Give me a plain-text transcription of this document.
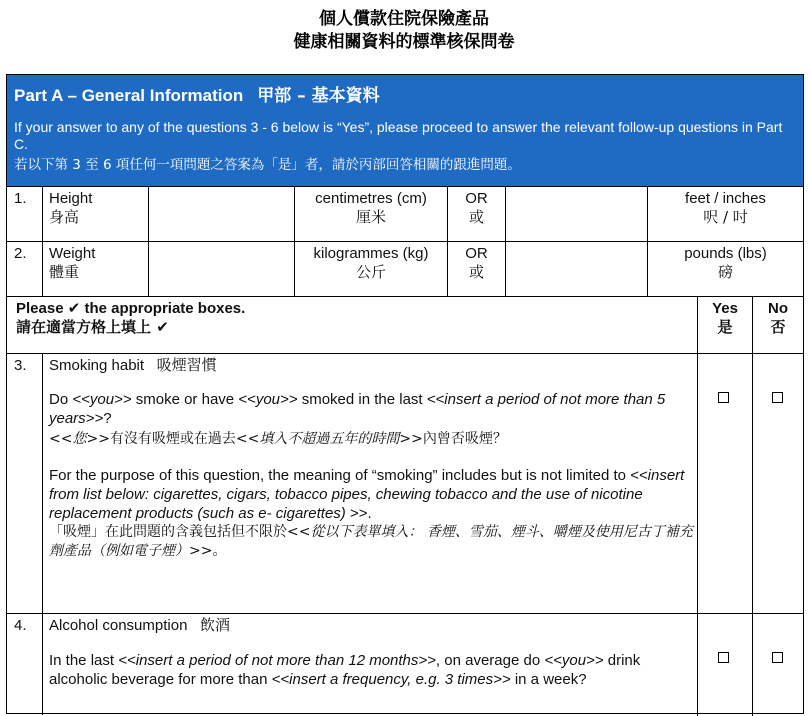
個人償款住院保險產品
健康相關資料的標準核保問卷
Part A – General Information 甲部 – 基本資料
If your answer to any of the questions 3 - 6 below is “Yes”, please proceed to answer the relevant follow-up questions in Part C.
若以下第 3 至 6 項任何一項問題之答案為「是」者，請於丙部回答相關的跟進問題。
1. Height
身高
centimetres (cm)
厘米
OR
或
feet / inches
呎 / 吋
2. Weight
體重
kilogrammes (kg)
公斤
OR
或
pounds (lbs)
磅
Please ✔ the appropriate boxes.
請在適當方格上填上 ✔
Yes
是
No
否
3. Smoking habit 吸煙習慣
Do <<you>> smoke or have <<you>> smoked in the last <<insert a period of not more than 5 years>>?
<<您>>有沒有吸煙或在過去<<填入不超過五年的時間>>內曾否吸煙？
For the purpose of this question, the meaning of “smoking” includes but is not limited to <<insert from list below: cigarettes, cigars, tobacco pipes, chewing tobacco and the use of nicotine replacement products (such as e- cigarettes) >>.
「吸煙」在此問題的含義包括但不限於<<從以下表單填入： 香煙、雪茄、煙斗、嚼煙及使用尼古丁補充劑產品（例如電子煙）>>。
4. Alcohol consumption 飲酒
In the last <<insert a period of not more than 12 months>>, on average do <<you>> drink alcoholic beverage for more than <<insert a frequency, e.g. 3 times>> in a week?
